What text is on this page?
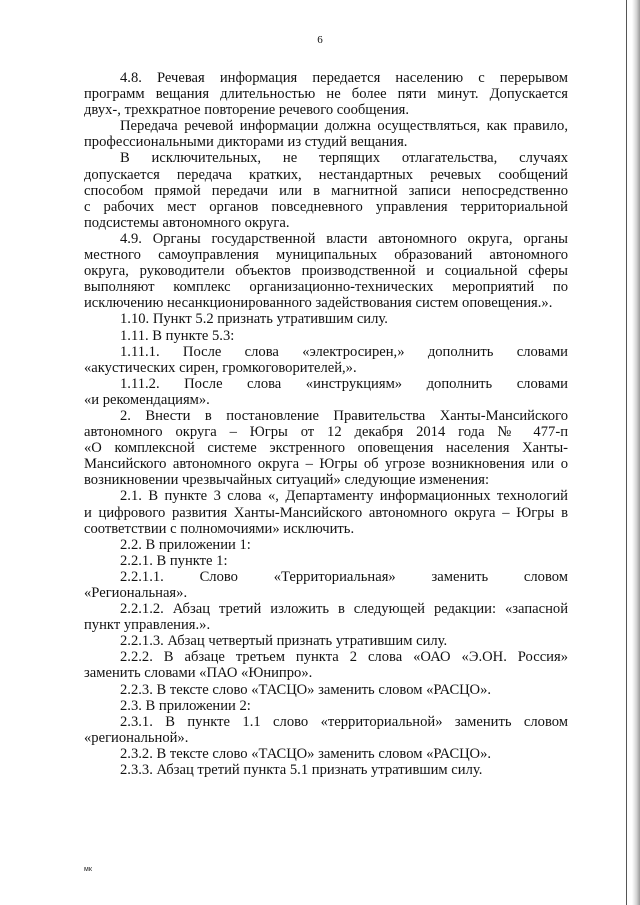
6
4.8. Речевая информация передается населению с перерывом
программ вещания длительностью не более пяти минут. Допускается
двух-, трехкратное повторение речевого сообщения.
Передача речевой информации должна осуществляться, как правило,
профессиональными дикторами из студий вещания.
В исключительных, не терпящих отлагательства, случаях
допускается передача кратких, нестандартных речевых сообщений
способом прямой передачи или в магнитной записи непосредственно
с рабочих мест органов повседневного управления территориальной
подсистемы автономного округа.
4.9. Органы государственной власти автономного округа, органы
местного самоуправления муниципальных образований автономного
округа, руководители объектов производственной и социальной сферы
выполняют комплекс организационно-технических мероприятий по
исключению несанкционированного задействования систем оповещения.».
1.10. Пункт 5.2 признать утратившим силу.
1.11. В пункте 5.3:
1.11.1. После слова «электросирен,» дополнить словами
«акустических сирен, громкоговорителей,».
1.11.2. После слова «инструкциям» дополнить словами
«и рекомендациям».
2. Внести в постановление Правительства Ханты-Мансийского
автономного округа – Югры от 12 декабря 2014 года № 477-п
«О комплексной системе экстренного оповещения населения Ханты-
Мансийского автономного округа – Югры об угрозе возникновения или о
возникновении чрезвычайных ситуаций» следующие изменения:
2.1. В пункте 3 слова «, Департаменту информационных технологий
и цифрового развития Ханты-Мансийского автономного округа – Югры в
соответствии с полномочиями» исключить.
2.2. В приложении 1:
2.2.1. В пункте 1:
2.2.1.1. Слово «Территориальная» заменить словом
«Региональная».
2.2.1.2. Абзац третий изложить в следующей редакции: «запасной
пункт управления.».
2.2.1.3. Абзац четвертый признать утратившим силу.
2.2.2. В абзаце третьем пункта 2 слова «ОАО «Э.ОН. Россия»
заменить словами «ПАО «Юнипро».
2.2.3. В тексте слово «ТАСЦО» заменить словом «РАСЦО».
2.3. В приложении 2:
2.3.1. В пункте 1.1 слово «территориальной» заменить словом
«региональной».
2.3.2. В тексте слово «ТАСЦО» заменить словом «РАСЦО».
2.3.3. Абзац третий пункта 5.1 признать утратившим силу.
мк
